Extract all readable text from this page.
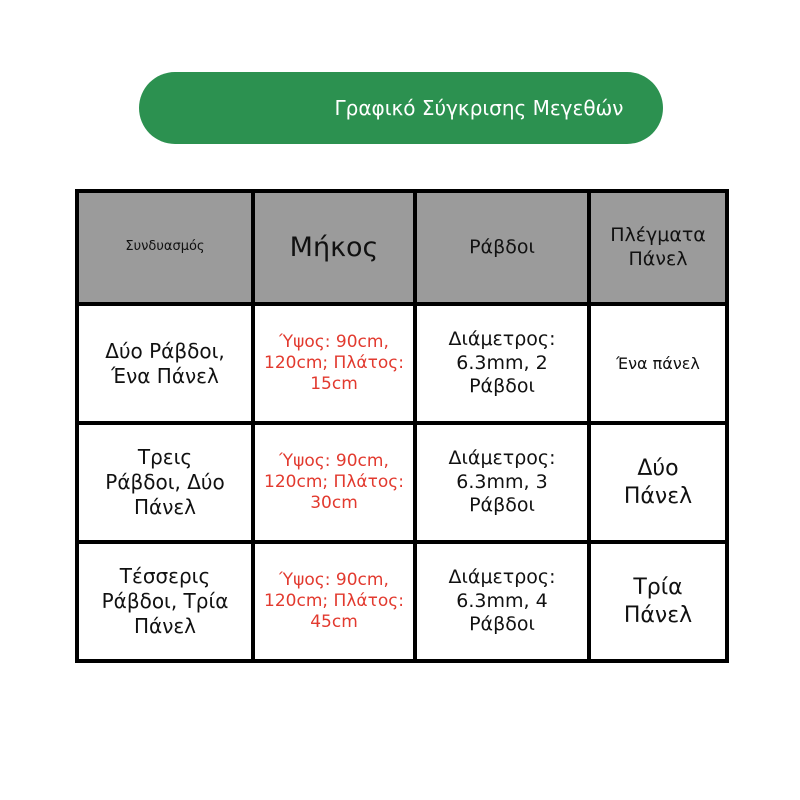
Γραφικό Σύγκρισης Μεγεθών
Συνδυασμός	Μήκος	Ράβδοι	Πλέγματα Πάνελ
Δύο Ράβδοι, Ένα Πάνελ	Ύψος: 90cm, 120cm; Πλάτος: 15cm	Διάμετρος: 6.3mm, 2 Ράβδοι	Ένα πάνελ
Τρεις Ράβδοι, Δύο Πάνελ	Ύψος: 90cm, 120cm; Πλάτος: 30cm	Διάμετρος: 6.3mm, 3 Ράβδοι	Δύο Πάνελ
Τέσσερις Ράβδοι, Τρία Πάνελ	Ύψος: 90cm, 120cm; Πλάτος: 45cm	Διάμετρος: 6.3mm, 4 Ράβδοι	Τρία Πάνελ
